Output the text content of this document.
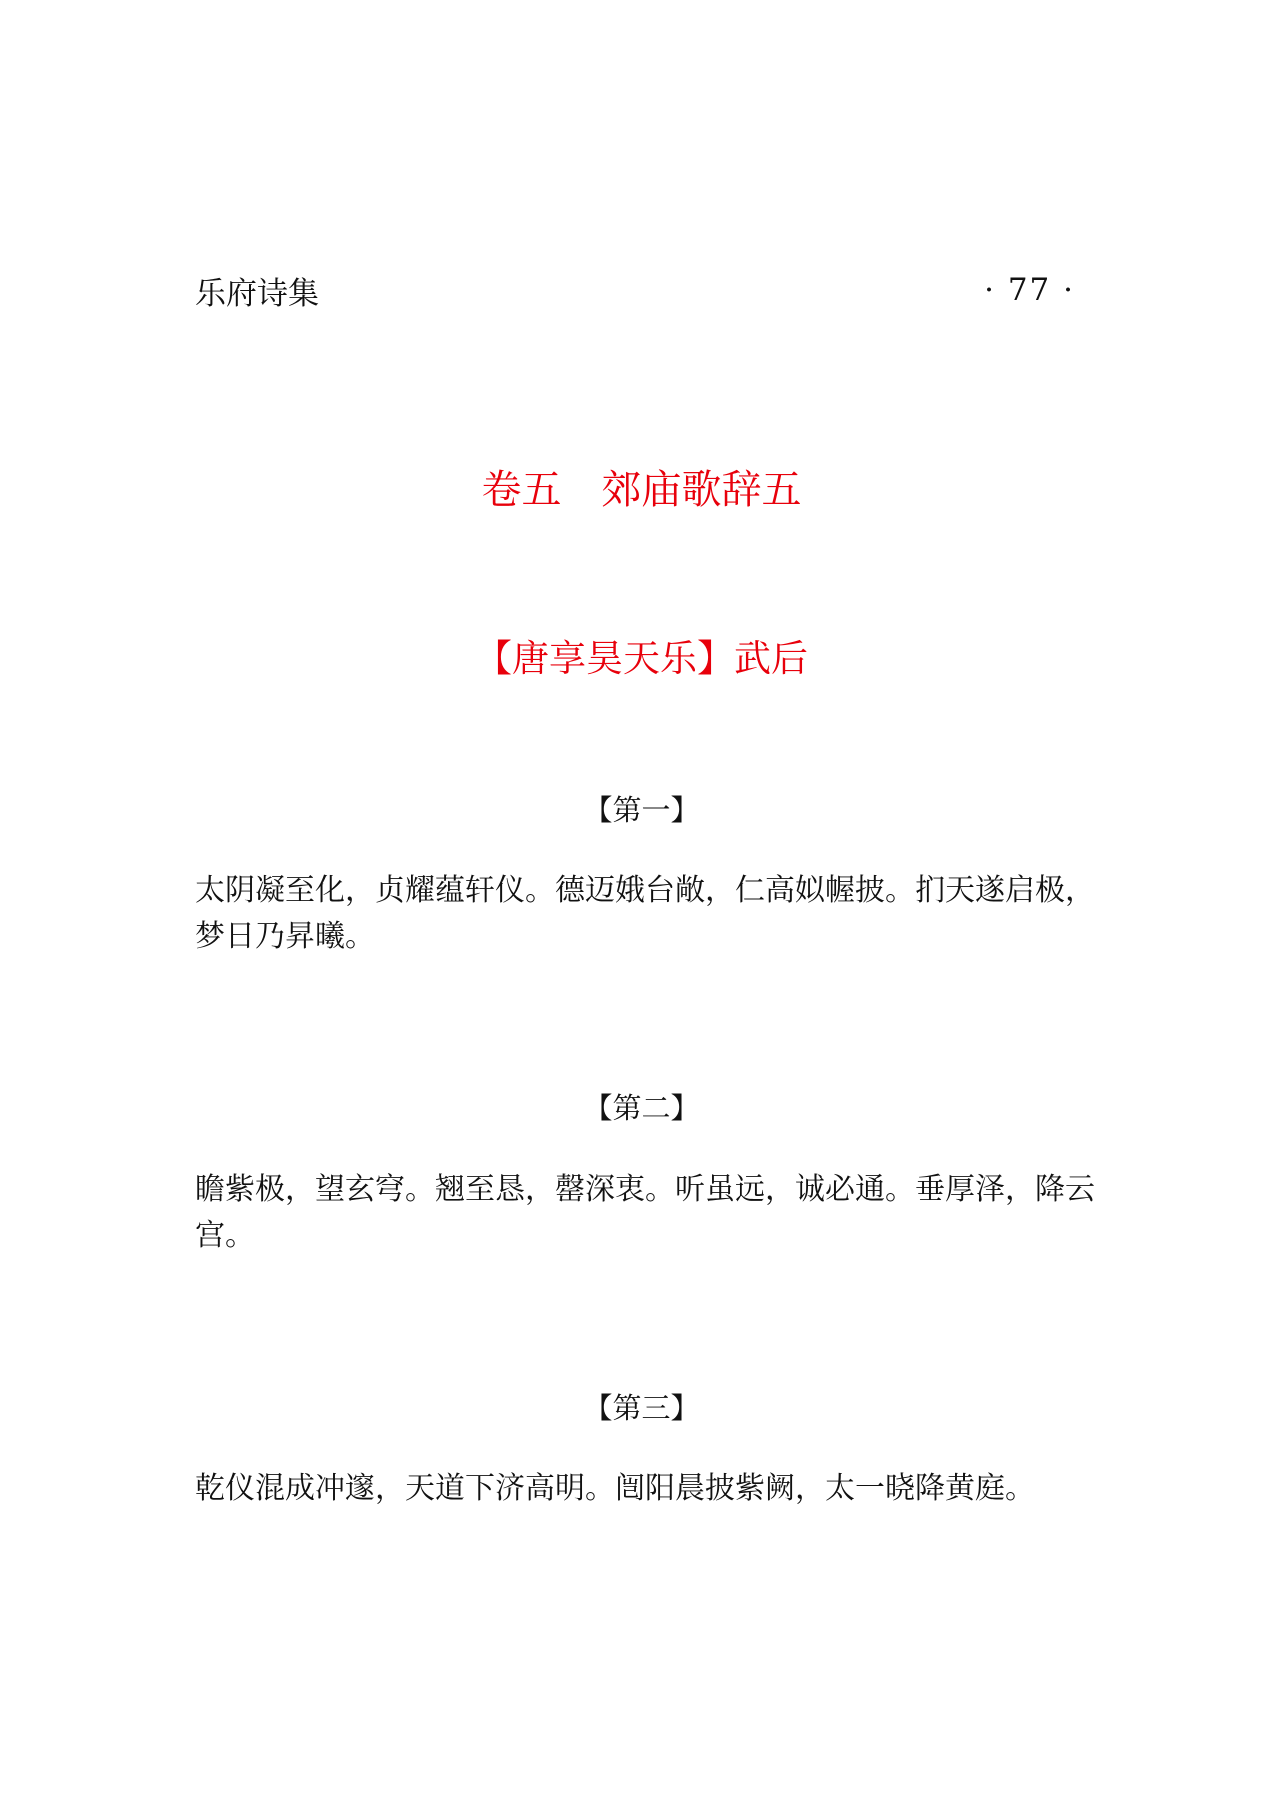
乐府诗集	· 77 ·
卷五　郊庙歌辞五
【唐享昊天乐】武后
【第一】
太阴凝至化，贞耀蕴轩仪。德迈娥台敞，仁高姒幄披。扪天遂启极，梦日乃昇曦。
【第二】
瞻紫极，望玄穹。翘至恳，罄深衷。听虽远，诚必通。垂厚泽，降云宫。
【第三】
乾仪混成冲邃，天道下济高明。闿阳晨披紫阙，太一晓降黄庭。
